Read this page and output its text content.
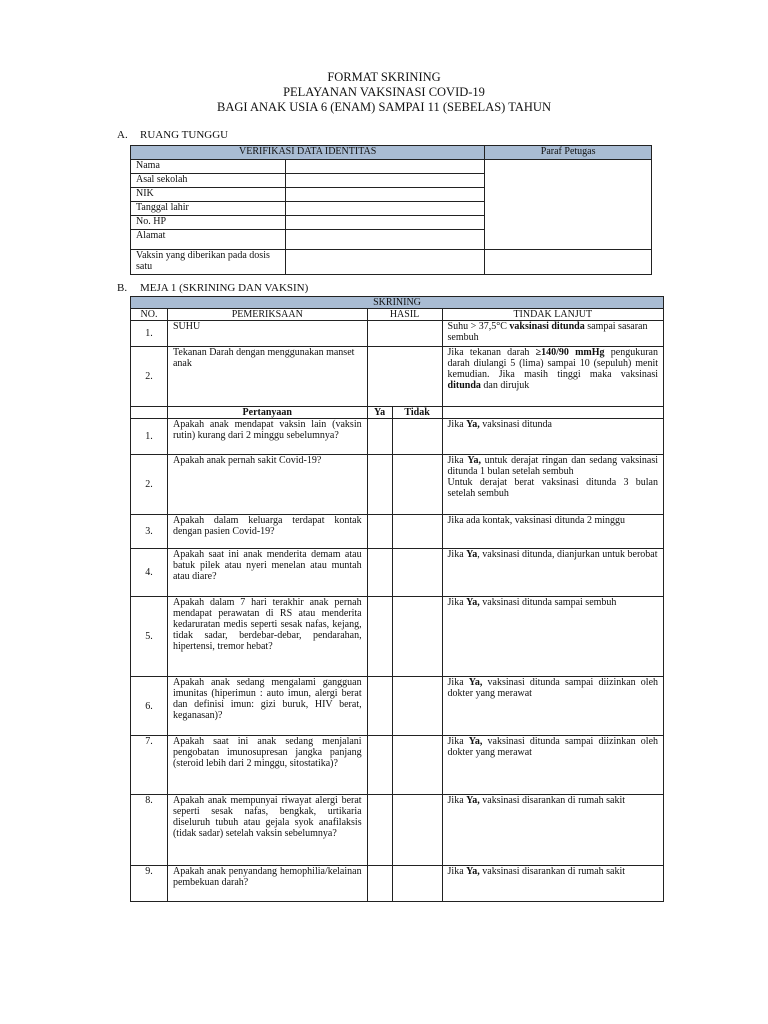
FORMAT SKRINING
PELAYANAN VAKSINASI COVID-19
BAGI ANAK USIA 6 (ENAM) SAMPAI 11 (SEBELAS) TAHUN
A. RUANG TUNGGU
VERIFIKASI DATA IDENTITAS		Paraf Petugas
Nama		
Asal sekolah		
NIK		
Tanggal lahir		
No. HP		
Alamat		
Vaksin yang diberikan pada dosis satu		
B. MEJA 1 (SKRINING DAN VAKSIN)
SKRINING				
NO.	PEMERIKSAAN	HASIL		TINDAK LANJUT
1.	SUHU			Suhu > 37,5°C vaksinasi ditunda sampai sasaran sembuh
2.	Tekanan Darah dengan menggunakan manset anak			Jika tekanan darah ≥140/90 mmHg pengukuran darah diulangi 5 (lima) sampai 10 (sepuluh) menit kemudian. Jika masih tinggi maka vaksinasi ditunda dan dirujuk
	Pertanyaan	Ya	Tidak	
1.	Apakah anak mendapat vaksin lain (vaksin rutin) kurang dari 2 minggu sebelumnya?			Jika Ya, vaksinasi ditunda
2.	Apakah anak pernah sakit Covid-19?			Jika Ya, untuk derajat ringan dan sedang vaksinasi ditunda 1 bulan setelah sembuh
Untuk derajat berat vaksinasi ditunda 3 bulan setelah sembuh
3.	Apakah dalam keluarga terdapat kontak dengan pasien Covid-19?			Jika ada kontak, vaksinasi ditunda 2 minggu
4.	Apakah saat ini anak menderita demam atau batuk pilek atau nyeri menelan atau muntah atau diare?			Jika Ya, vaksinasi ditunda, dianjurkan untuk berobat
5.	Apakah dalam 7 hari terakhir anak pernah mendapat perawatan di RS atau menderita kedaruratan medis seperti sesak nafas, kejang, tidak sadar, berdebar-debar, pendarahan, hipertensi, tremor hebat?			Jika Ya, vaksinasi ditunda sampai sembuh
6.	Apakah anak sedang mengalami gangguan imunitas (hiperimun : auto imun, alergi berat dan definisi imun: gizi buruk, HIV berat, keganasan)?			Jika Ya, vaksinasi ditunda sampai diizinkan oleh dokter yang merawat
7.	Apakah saat ini anak sedang menjalani pengobatan imunosupresan jangka panjang (steroid lebih dari 2 minggu, sitostatika)?			Jika Ya, vaksinasi ditunda sampai diizinkan oleh dokter yang merawat
8.	Apakah anak mempunyai riwayat alergi berat seperti sesak nafas, bengkak, urtikaria diseluruh tubuh atau gejala syok anafilaksis (tidak sadar) setelah vaksin sebelumnya?			Jika Ya, vaksinasi disarankan di rumah sakit
9.	Apakah anak penyandang hemophilia/kelainan pembekuan darah?			Jika Ya, vaksinasi disarankan di rumah sakit
